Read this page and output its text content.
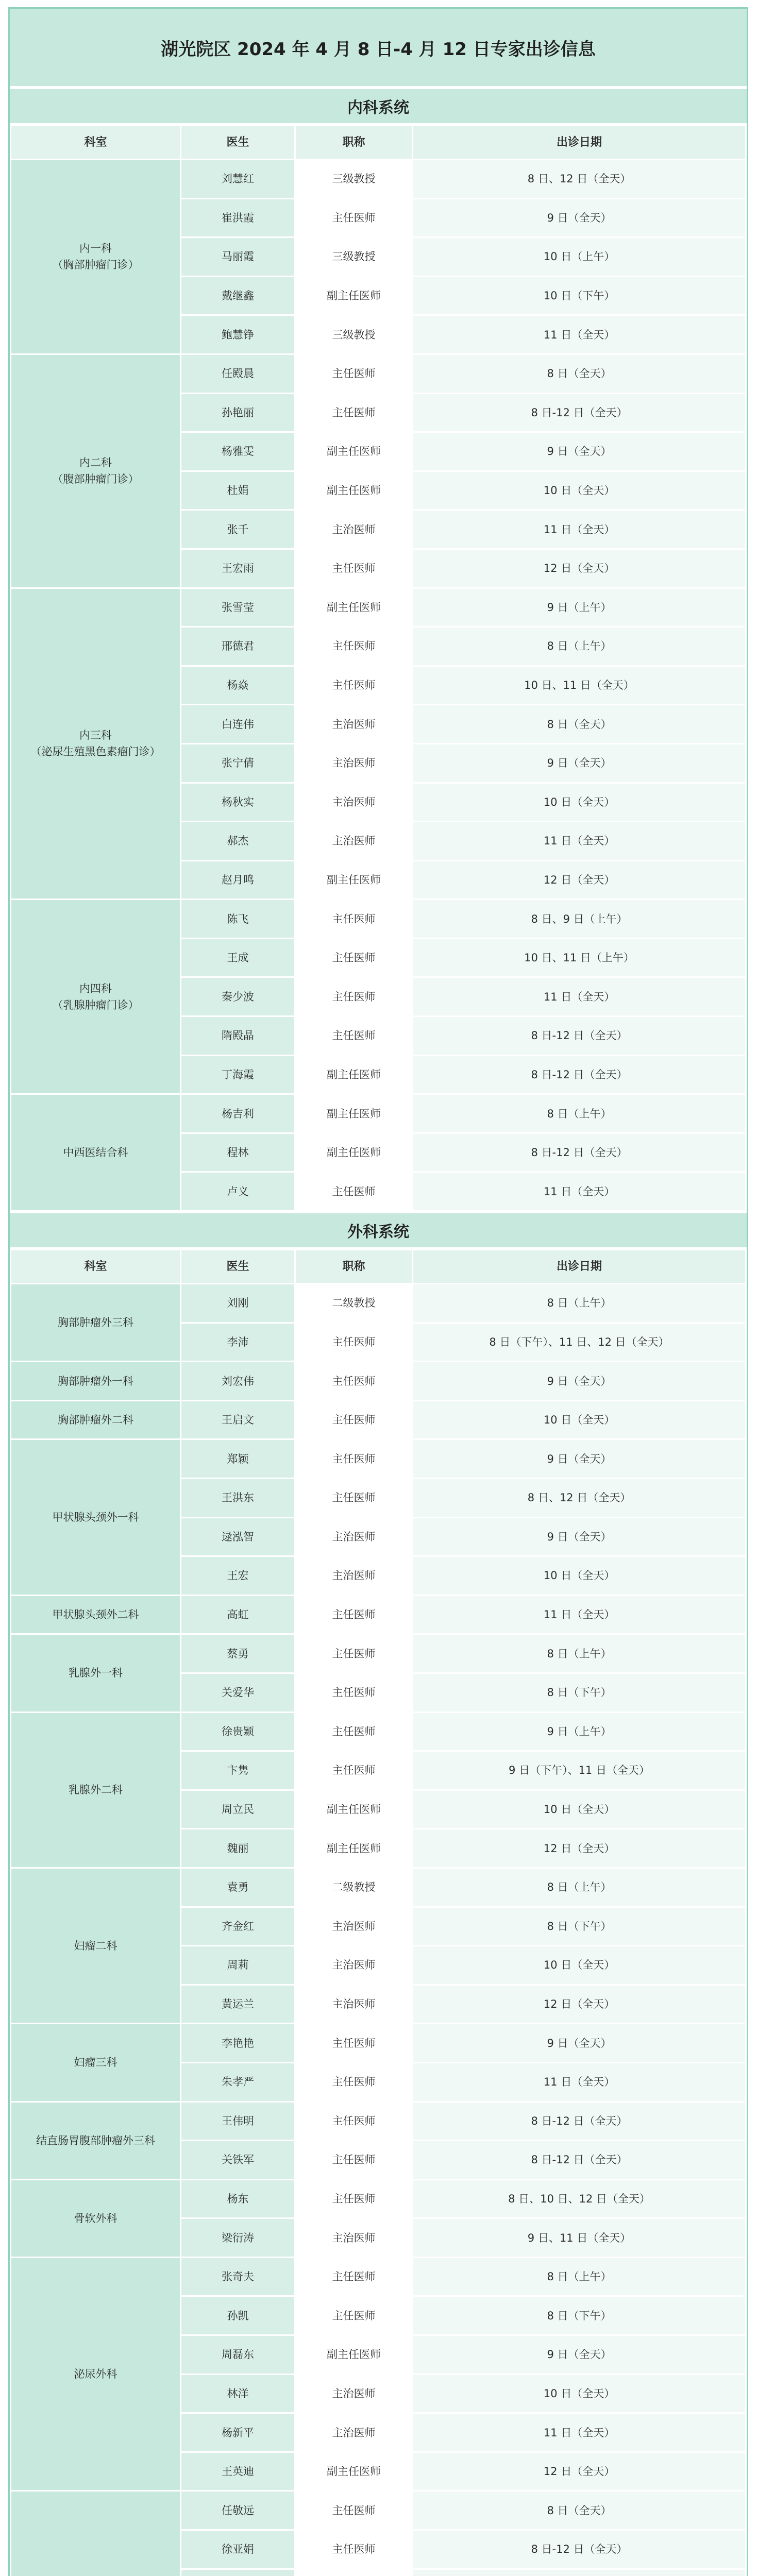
湖光院区 2024 年 4 月 8 日-4 月 12 日专家出诊信息
内科系统
科室	医生	职称	出诊日期

内一科
（胸部肿瘤门诊）	刘慧红	三级教授	8 日、12 日（全天）
	崔洪霞	主任医师	9 日（全天）
	马丽霞	三级教授	10 日（上午）
	戴继鑫	副主任医师	10 日（下午）
	鲍慧铮	三级教授	11 日（全天）

内二科
（腹部肿瘤门诊）	任殿晨	主任医师	8 日（全天）
	孙艳丽	主任医师	8 日-12 日（全天）
	杨雅雯	副主任医师	9 日（全天）
	杜娟	副主任医师	10 日（全天）
	张千	主治医师	11 日（全天）
	王宏雨	主任医师	12 日（全天）

内三科
（泌尿生殖黑色素瘤门诊）	张雪莹	副主任医师	9 日（上午）
	邢德君	主任医师	8 日（上午）
	杨焱	主任医师	10 日、11 日（全天）
	白连伟	主治医师	8 日（全天）
	张宁倩	主治医师	9 日（全天）
	杨秋实	主治医师	10 日（全天）
	郝杰	主治医师	11 日（全天）
	赵月鸣	副主任医师	12 日（全天）

内四科
（乳腺肿瘤门诊）	陈飞	主任医师	8 日、9 日（上午）
	王成	主任医师	10 日、11 日（上午）
	秦少波	主任医师	11 日（全天）
	隋殿晶	主任医师	8 日-12 日（全天）
	丁海霞	副主任医师	8 日-12 日（全天）

中西医结合科	杨吉利	副主任医师	8 日（上午）
	程林	副主任医师	8 日-12 日（全天）
	卢义	主任医师	11 日（全天）
外科系统
科室	医生	职称	出诊日期

胸部肿瘤外三科	刘刚	二级教授	8 日（上午）
	李沛	主任医师	8 日（下午）、11 日、12 日（全天）

胸部肿瘤外一科	刘宏伟	主任医师	9 日（全天）

胸部肿瘤外二科	王启文	主任医师	10 日（全天）

甲状腺头颈外一科	郑颖	主任医师	9 日（全天）
	王洪东	主任医师	8 日、12 日（全天）
	逯泓智	主治医师	9 日（全天）
	王宏	主治医师	10 日（全天）

甲状腺头颈外二科	高虹	主任医师	11 日（全天）

乳腺外一科	蔡勇	主任医师	8 日（上午）
	关爱华	主任医师	8 日（下午）

乳腺外二科	徐贵颖	主任医师	9 日（上午）
	卞隽	主任医师	9 日（下午）、11 日（全天）
	周立民	副主任医师	10 日（全天）
	魏丽	副主任医师	12 日（全天）

妇瘤二科	袁勇	二级教授	8 日（上午）
	齐金红	主治医师	8 日（下午）
	周莉	主治医师	10 日（全天）
	黄运兰	主治医师	12 日（全天）

妇瘤三科	李艳艳	主任医师	9 日（全天）
	朱孝严	主任医师	11 日（全天）

结直肠胃腹部肿瘤外三科	王伟明	主任医师	8 日-12 日（全天）
	关铁军	主任医师	8 日-12 日（全天）

骨软外科	杨东	主任医师	8 日、10 日、12 日（全天）
	梁衍涛	主治医师	9 日、11 日（全天）

泌尿外科	张奇夫	主任医师	8 日（上午）
	孙凯	主任医师	8 日（下午）
	周磊东	副主任医师	9 日（全天）
	林洋	主治医师	10 日（全天）
	杨新平	主治医师	11 日（全天）
	王英迪	副主任医师	12 日（全天）

	任敬远	主任医师	8 日（全天）
	徐亚娟	主任医师	8 日-12 日（全天）
